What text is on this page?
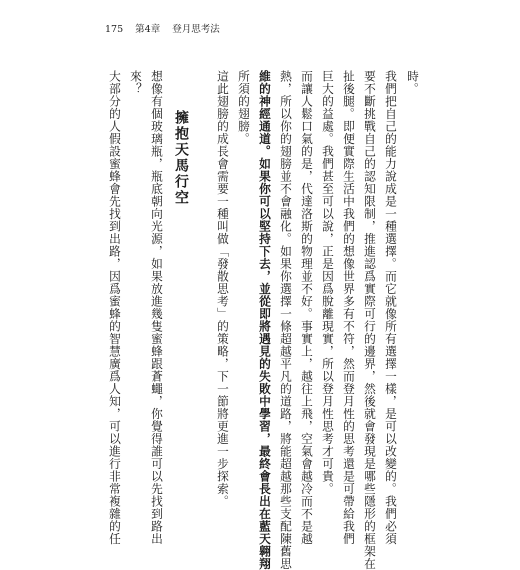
175 第4章 登月思考法
時。
我們把自己的能力說成是一種選擇。而它就像所有選擇一樣，是可以改變的。我們必須
要不斷挑戰自己的認知限制，推進認爲實際可行的邊界，然後就會發現是哪些隱形的框架在
扯後腿。即便實際生活中我們的想像世界多有不符，然而登月性的思考還是可帶給我們
巨大的益處。我們甚至可以說，正是因爲脫離現實，所以登月性思考才可貴。
而讓人鬆口氣的是，代達洛斯的物理並不好。事實上，越往上飛，空氣會越冷而不是越
熱，所以你的翅膀並不會融化。如果你選擇一條超越平凡的道路，將能超越那些支配陳舊思
維的神經通道。如果你可以堅持下去，並從即將遇見的失敗中學習，最終會長出在藍天翱翔
所須的翅膀。
這此翅膀的成長會需要一種叫做「發散思考」的策略，下一節將更進一步探索。
擁抱天馬行空
想像有個玻璃瓶，瓶底朝向光源，如果放進幾隻蜜蜂跟蒼蠅，你覺得誰可以先找到路出
來？
大部分的人假設蜜蜂會先找到出路，因爲蜜蜂的智慧廣爲人知，可以進行非常複雜的任
